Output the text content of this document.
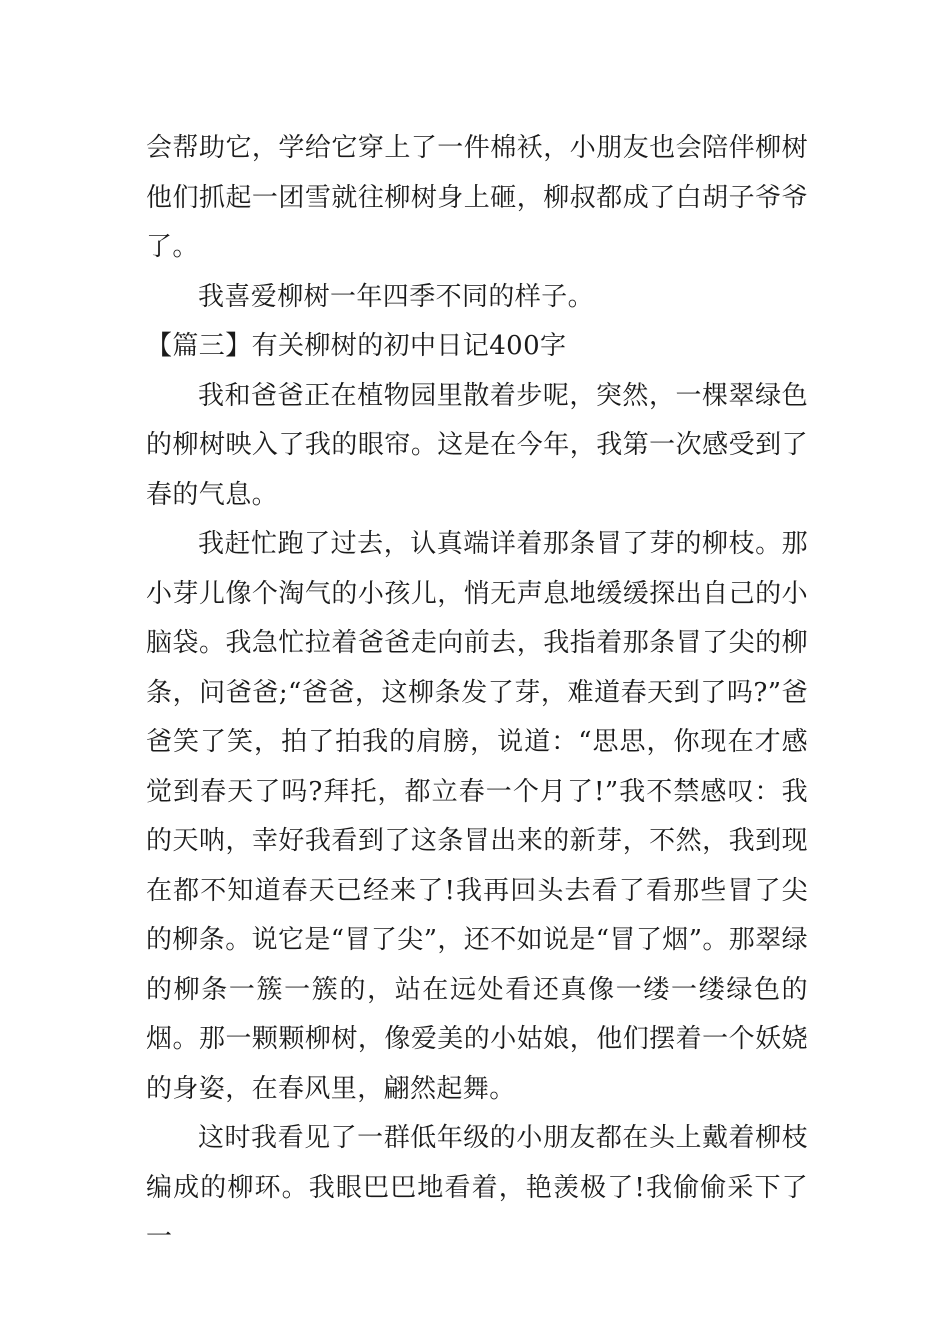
会帮助它，学给它穿上了一件棉袄，小朋友也会陪伴柳树他们抓起一团雪就往柳树身上砸，柳叔都成了白胡子爷爷了。

我喜爱柳树一年四季不同的样子。

【篇三】有关柳树的初中日记400字

我和爸爸正在植物园里散着步呢，突然，一棵翠绿色的柳树映入了我的眼帘。这是在今年，我第一次感受到了春的气息。

我赶忙跑了过去，认真端详着那条冒了芽的柳枝。那小芽儿像个淘气的小孩儿，悄无声息地缓缓探出自己的小脑袋。我急忙拉着爸爸走向前去，我指着那条冒了尖的柳条，问爸爸;“爸爸，这柳条发了芽，难道春天到了吗?”爸爸笑了笑，拍了拍我的肩膀，说道：“思思，你现在才感觉到春天了吗?拜托，都立春一个月了!”我不禁感叹：我的天呐，幸好我看到了这条冒出来的新芽，不然，我到现在都不知道春天已经来了!我再回头去看了看那些冒了尖的柳条。说它是“冒了尖”，还不如说是“冒了烟”。那翠绿的柳条一簇一簇的，站在远处看还真像一缕一缕绿色的烟。那一颗颗柳树，像爱美的小姑娘，他们摆着一个妖娆的身姿，在春风里，翩然起舞。

这时我看见了一群低年级的小朋友都在头上戴着柳枝编成的柳环。我眼巴巴地看着，艳羡极了!我偷偷采下了一
